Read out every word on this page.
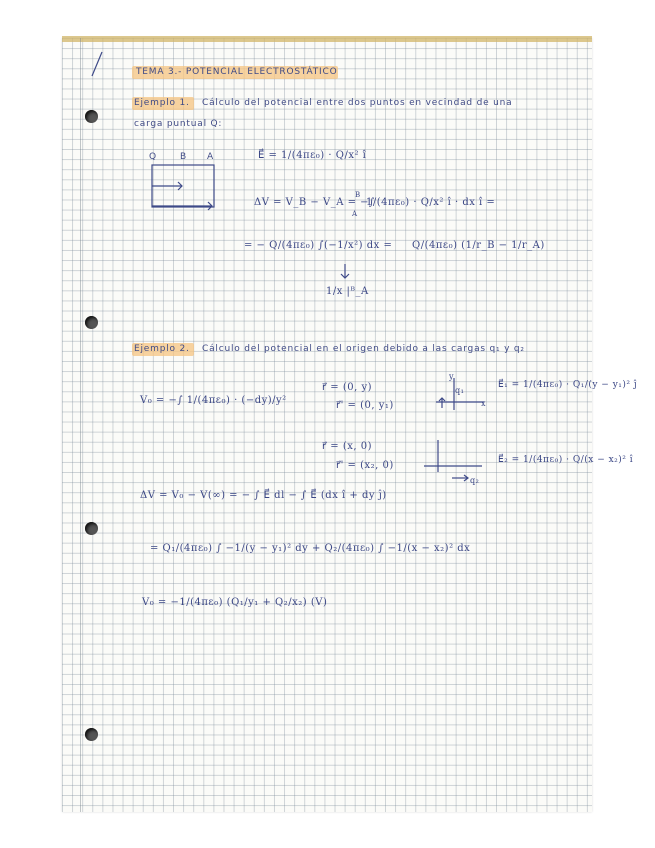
TEMA 3.- POTENCIAL ELECTROSTÁTICO
Ejemplo 1. Cálculo del potencial entre dos puntos en vecindad de una
carga puntual Q:
Q	B A	E⃗ = 1/(4πε₀) · Q/x² î
ΔV = V_B − V_A = −∫
B
A
1/(4πε₀) · Q/x² î · dx î =
= − Q/(4πε₀) ∫(−1/x²) dx = Q/(4πε₀) (1/r_B − 1/r_A)
1/x |ᴮ_A
Ejemplo 2. Cálculo del potencial en el origen debido a las cargas q₁ y q₂
V₀ = −∫ 1/(4πε₀) · (−dy)/y²
r⃗ = (0, y)
r⃗' = (0, y₁)
q₁
x
y
E⃗₁ = 1/(4πε₀) · Q₁/(y − y₁)² ĵ
r⃗ = (x, 0)
r⃗' = (x₂, 0)
q₂
E⃗₂ = 1/(4πε₀) · Q/(x − x₂)² î
ΔV = V₀ − V(∞) = − ∫ E⃗ dl − ∫ E⃗ (dx î + dy ĵ)
= Q₁/(4πε₀) ∫ −1/(y − y₁)² dy + Q₂/(4πε₀) ∫ −1/(x − x₂)² dx
V₀ = −1/(4πε₀) (Q₁/y₁ + Q₂/x₂) (V)
